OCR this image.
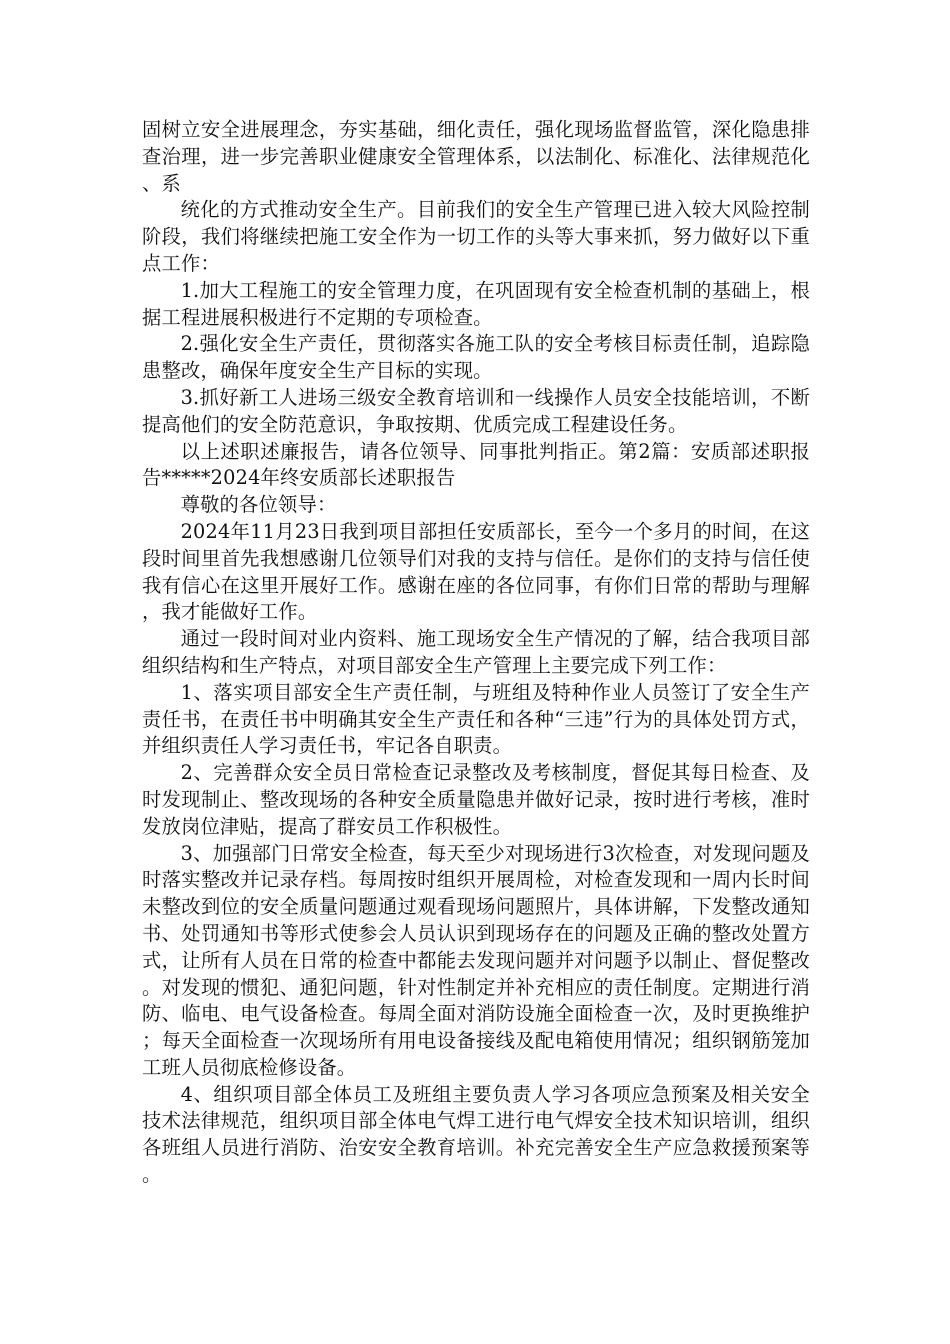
固树立安全进展理念，夯实基础，细化责任，强化现场监督监管，深化隐患排查治理，进一步完善职业健康安全管理体系，以法制化、标准化、法律规范化、系

统化的方式推动安全生产。目前我们的安全生产管理已进入较大风险控制阶段，我们将继续把施工安全作为一切工作的头等大事来抓，努力做好以下重点工作：

1.加大工程施工的安全管理力度，在巩固现有安全检查机制的基础上，根据工程进展积极进行不定期的专项检查。

2.强化安全生产责任，贯彻落实各施工队的安全考核目标责任制，追踪隐患整改，确保年度安全生产目标的实现。

3.抓好新工人进场三级安全教育培训和一线操作人员安全技能培训，不断提高他们的安全防范意识，争取按期、优质完成工程建设任务。

以上述职述廉报告，请各位领导、同事批判指正。第2篇：安质部述职报告*****2024年终安质部长述职报告

尊敬的各位领导：

2024年11月23日我到项目部担任安质部长，至今一个多月的时间，在这段时间里首先我想感谢几位领导们对我的支持与信任。是你们的支持与信任使我有信心在这里开展好工作。感谢在座的各位同事，有你们日常的帮助与理解，我才能做好工作。

通过一段时间对业内资料、施工现场安全生产情况的了解，结合我项目部组织结构和生产特点，对项目部安全生产管理上主要完成下列工作：

1、落实项目部安全生产责任制，与班组及特种作业人员签订了安全生产责任书，在责任书中明确其安全生产责任和各种“三违”行为的具体处罚方式，并组织责任人学习责任书，牢记各自职责。

2、完善群众安全员日常检查记录整改及考核制度，督促其每日检查、及时发现制止、整改现场的各种安全质量隐患并做好记录，按时进行考核，准时发放岗位津贴，提高了群安员工作积极性。

3、加强部门日常安全检查，每天至少对现场进行3次检查，对发现问题及时落实整改并记录存档。每周按时组织开展周检，对检查发现和一周内长时间未整改到位的安全质量问题通过观看现场问题照片，具体讲解，下发整改通知书、处罚通知书等形式使参会人员认识到现场存在的问题及正确的整改处置方式，让所有人员在日常的检查中都能去发现问题并对问题予以制止、督促整改。对发现的惯犯、通犯问题，针对性制定并补充相应的责任制度。定期进行消防、临电、电气设备检查。每周全面对消防设施全面检查一次，及时更换维护；每天全面检查一次现场所有用电设备接线及配电箱使用情况；组织钢筋笼加工班人员彻底检修设备。

4、组织项目部全体员工及班组主要负责人学习各项应急预案及相关安全技术法律规范，组织项目部全体电气焊工进行电气焊安全技术知识培训，组织各班组人员进行消防、治安安全教育培训。补充完善安全生产应急救援预案等。
